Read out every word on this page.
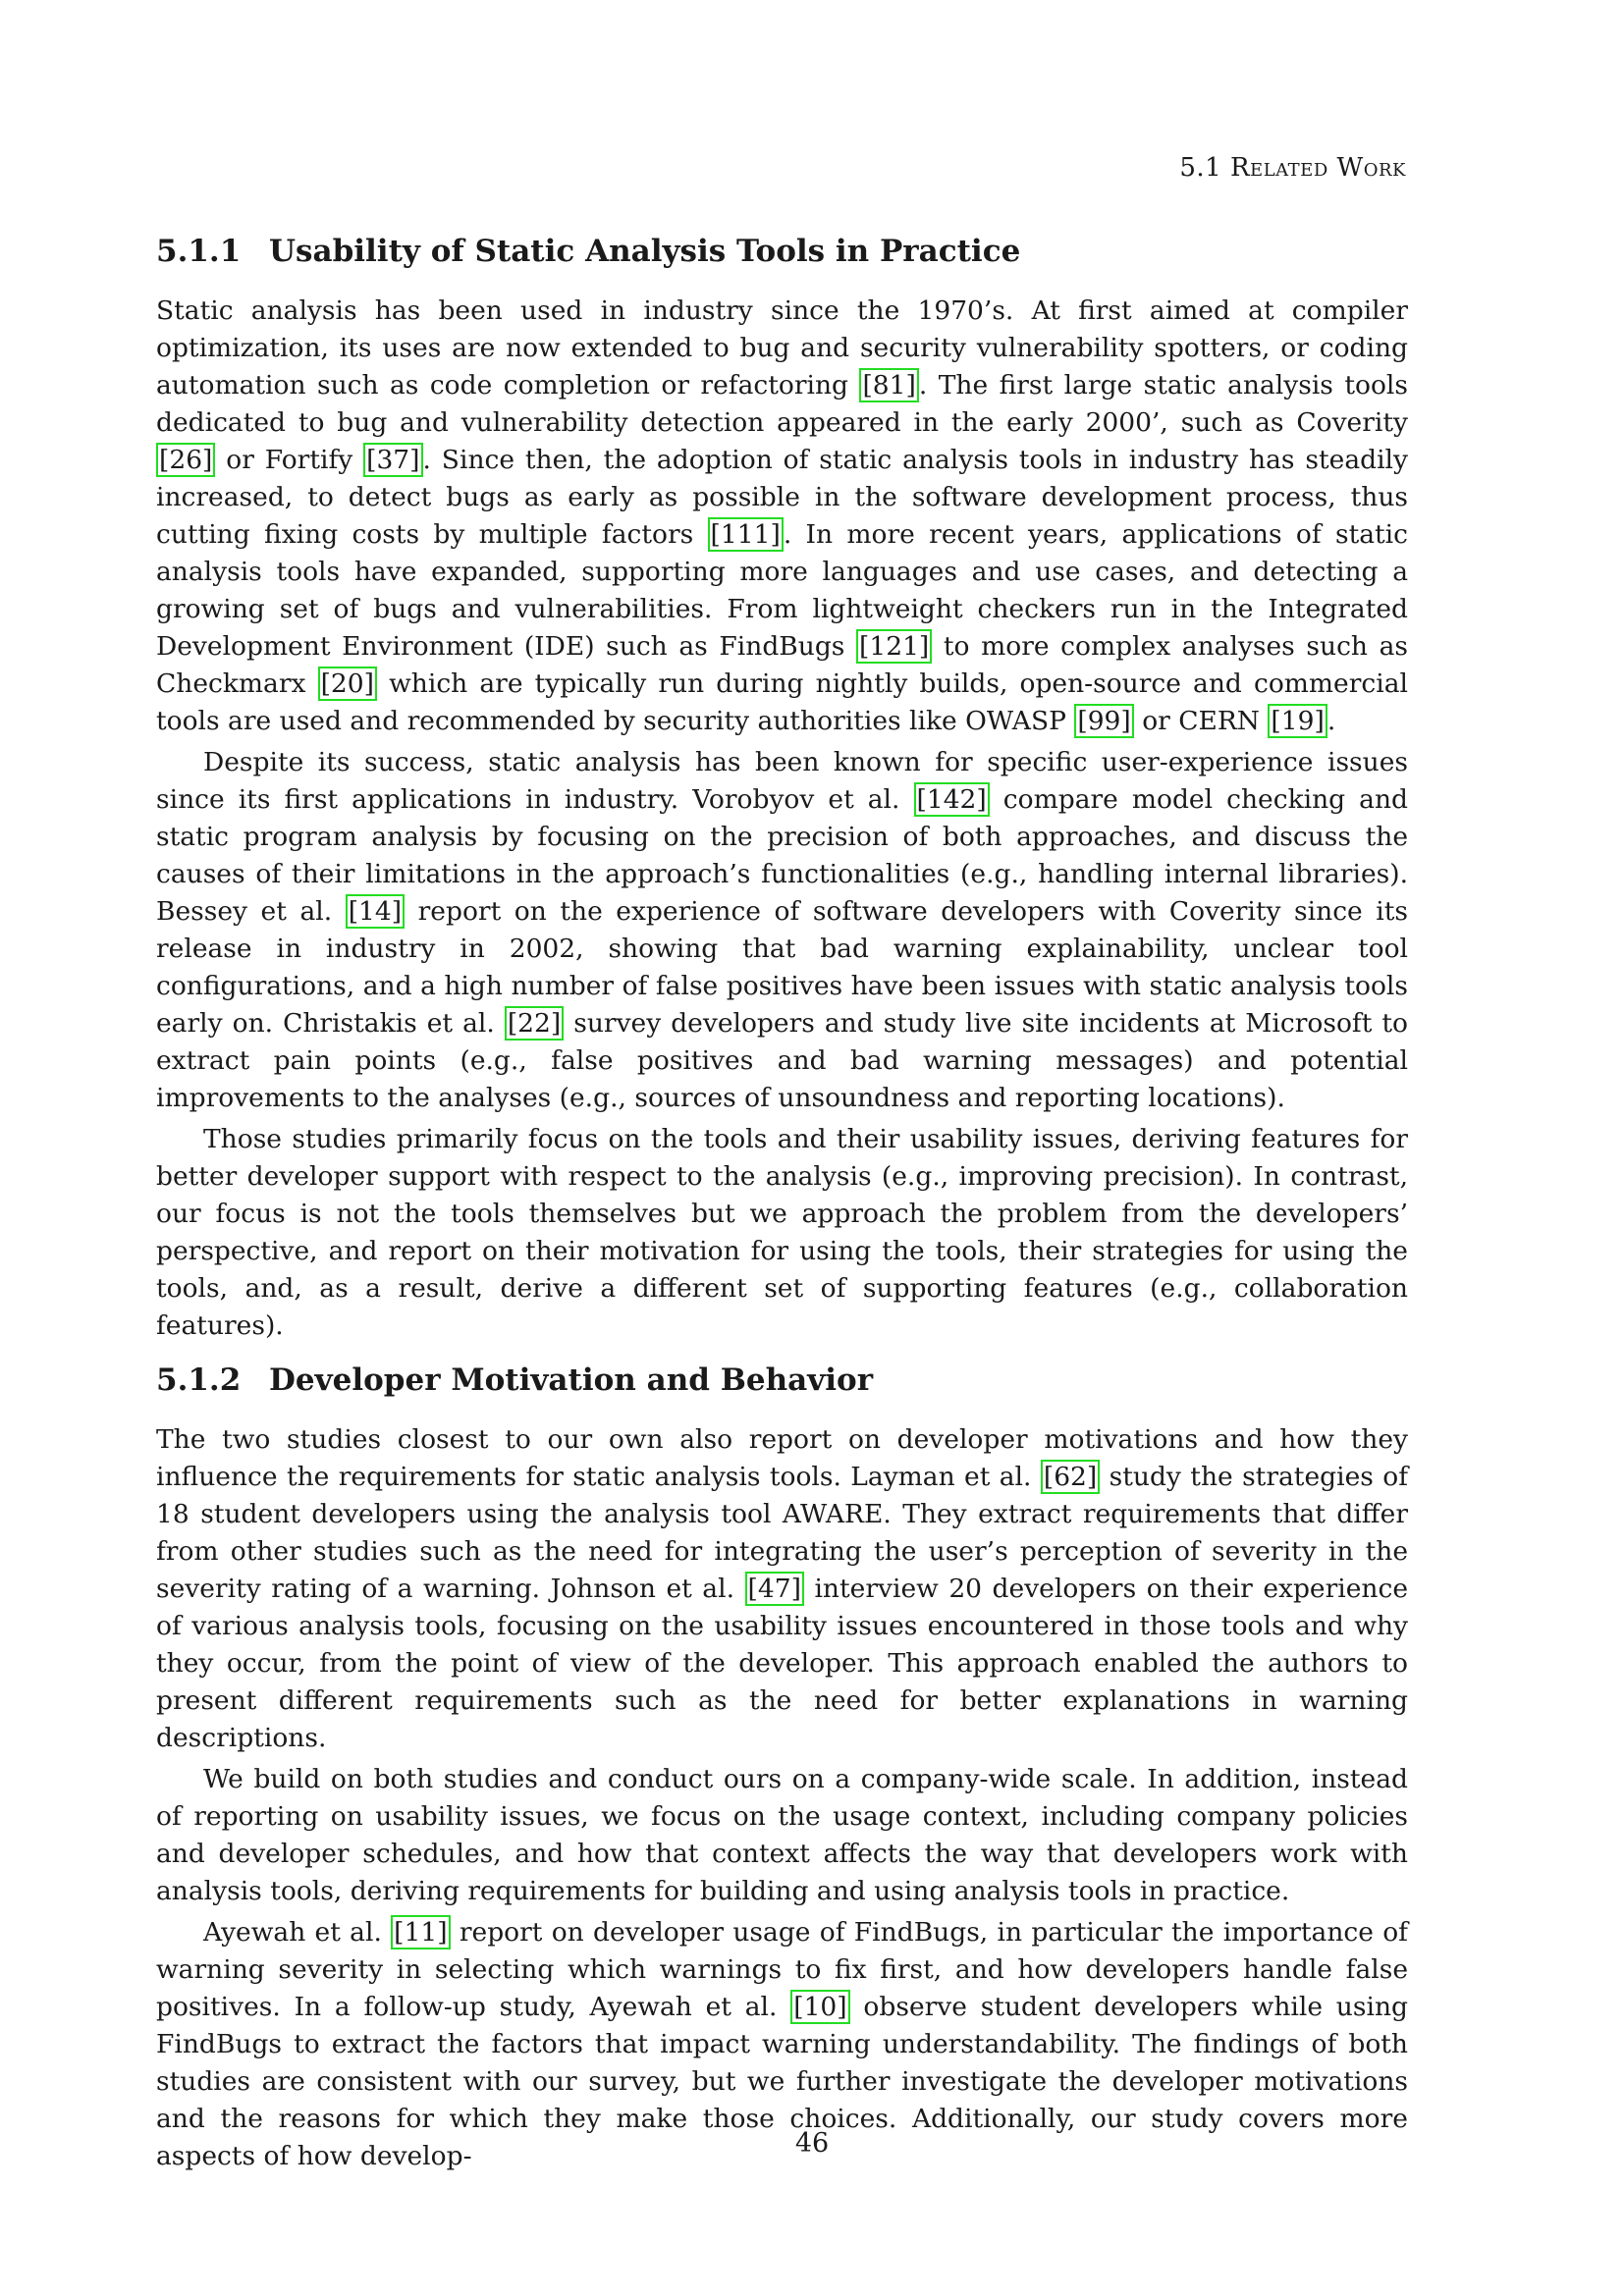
5.1 Related Work
5.1.1 Usability of Static Analysis Tools in Practice

Static analysis has been used in industry since the 1970’s. At first aimed at compiler optimization, its uses are now extended to bug and security vulnerability spotters, or coding automation such as code completion or refactoring [81] . The first large static analysis tools dedicated to bug and vulnerability detection appeared in the early 2000’, such as Coverity [26] or Fortify [37] . Since then, the adoption of static analysis tools in industry has steadily increased, to detect bugs as early as possible in the software development process, thus cutting fixing costs by multiple factors [111] . In more recent years, applications of static analysis tools have expanded, supporting more languages and use cases, and detecting a growing set of bugs and vulnerabilities. From lightweight checkers run in the Integrated Development Environment (IDE) such as FindBugs [121] to more complex analyses such as Checkmarx [20] which are typically run during nightly builds, open-source and commercial tools are used and recommended by security authorities like OWASP [99] or CERN [19] .

Despite its success, static analysis has been known for specific user-experience issues since its first applications in industry. Vorobyov et al. [142] compare model checking and static program analysis by focusing on the precision of both approaches, and discuss the causes of their limitations in the approach’s functionalities (e.g., handling internal libraries). Bessey et al. [14] report on the experience of software developers with Coverity since its release in industry in 2002, showing that bad warning explainability, unclear tool configurations, and a high number of false positives have been issues with static analysis tools early on. Christakis et al. [22] survey developers and study live site incidents at Microsoft to extract pain points (e.g., false positives and bad warning messages) and potential improvements to the analyses (e.g., sources of unsoundness and reporting locations).

Those studies primarily focus on the tools and their usability issues, deriving features for better developer support with respect to the analysis (e.g., improving precision). In contrast, our focus is not the tools themselves but we approach the problem from the developers’ perspective, and report on their motivation for using the tools, their strategies for using the tools, and, as a result, derive a different set of supporting features (e.g., collaboration features).

5.1.2 Developer Motivation and Behavior

The two studies closest to our own also report on developer motivations and how they influence the requirements for static analysis tools. Layman et al. [62] study the strategies of 18 student developers using the analysis tool AWARE. They extract requirements that differ from other studies such as the need for integrating the user’s perception of severity in the severity rating of a warning. Johnson et al. [47] interview 20 developers on their experience of various analysis tools, focusing on the usability issues encountered in those tools and why they occur, from the point of view of the developer. This approach enabled the authors to present different requirements such as the need for better explanations in warning descriptions.

We build on both studies and conduct ours on a company-wide scale. In addition, instead of reporting on usability issues, we focus on the usage context, including company policies and developer schedules, and how that context affects the way that developers work with analysis tools, deriving requirements for building and using analysis tools in practice.

Ayewah et al. [11] report on developer usage of FindBugs, in particular the importance of warning severity in selecting which warnings to fix first, and how developers handle false positives. In a follow-up study, Ayewah et al. [10] observe student developers while using FindBugs to extract the factors that impact warning understandability. The findings of both studies are consistent with our survey, but we further investigate the developer motivations and the reasons for which they make those choices. Additionally, our study covers more aspects of how develop-	46
